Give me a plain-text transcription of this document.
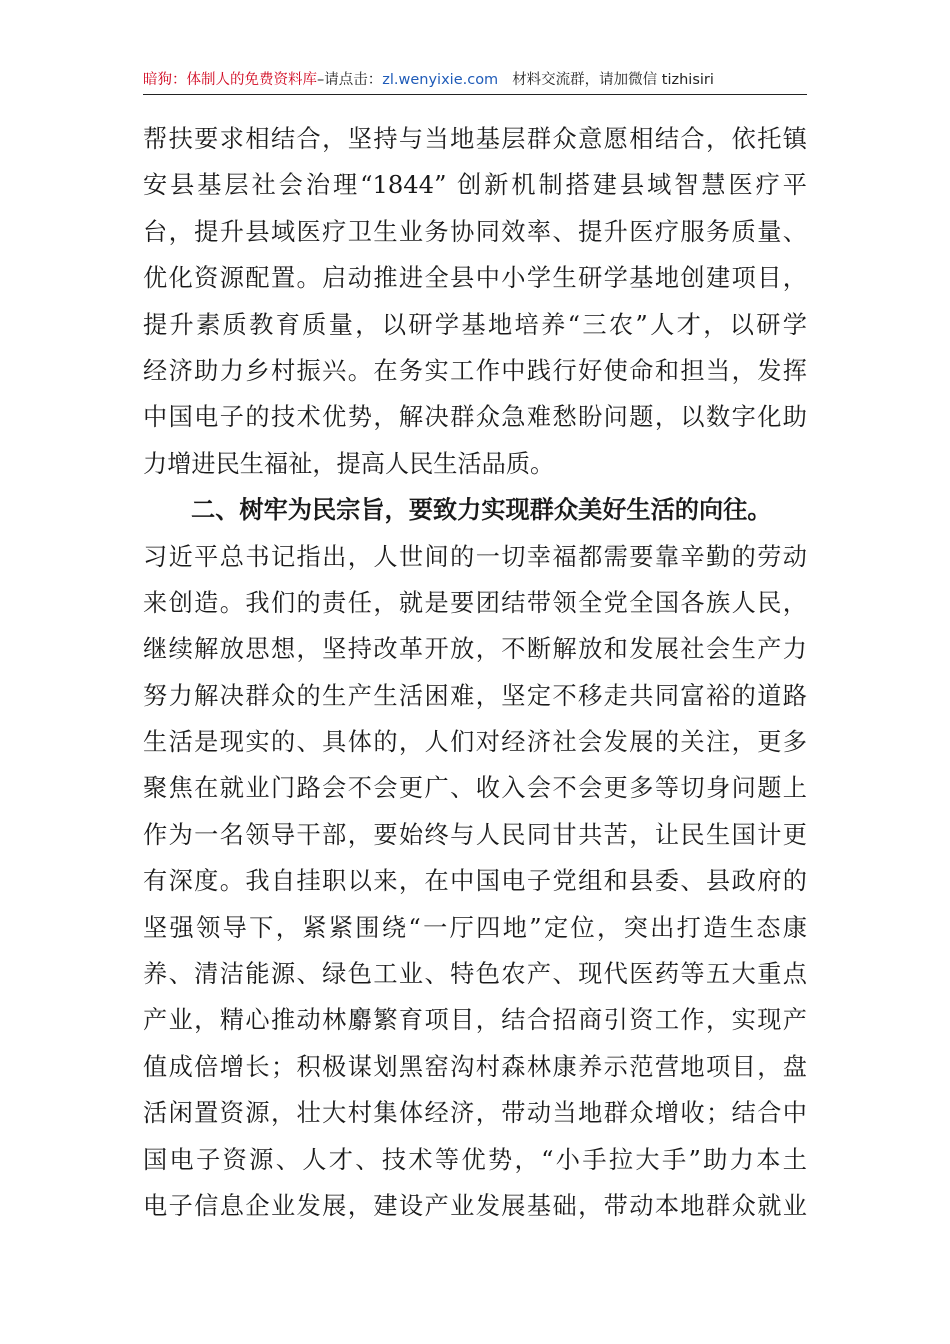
暗狗：体制人的免费资料库–请点击：zl.wenyixie.com 材料交流群，请加微信 tizhisiri
帮扶要求相结合，坚持与当地基层群众意愿相结合，依托镇
安县基层社会治理“1844” 创新机制搭建县域智慧医疗平
台，提升县域医疗卫生业务协同效率、提升医疗服务质量、
优化资源配置。启动推进全县中小学生研学基地创建项目，
提升素质教育质量，以研学基地培养“三农”人才，以研学
经济助力乡村振兴。在务实工作中践行好使命和担当，发挥
中国电子的技术优势，解决群众急难愁盼问题，以数字化助
力增进民生福祉，提高人民生活品质。
二、树牢为民宗旨，要致力实现群众美好生活的向往。
习近平总书记指出，人世间的一切幸福都需要靠辛勤的劳动
来创造。我们的责任，就是要团结带领全党全国各族人民，
继续解放思想，坚持改革开放，不断解放和发展社会生产力
努力解决群众的生产生活困难，坚定不移走共同富裕的道路
生活是现实的、具体的，人们对经济社会发展的关注，更多
聚焦在就业门路会不会更广、收入会不会更多等切身问题上
作为一名领导干部，要始终与人民同甘共苦，让民生国计更
有深度。我自挂职以来，在中国电子党组和县委、县政府的
坚强领导下，紧紧围绕“一厅四地”定位，突出打造生态康
养、清洁能源、绿色工业、特色农产、现代医药等五大重点
产业，精心推动林麝繁育项目，结合招商引资工作，实现产
值成倍增长；积极谋划黑窑沟村森林康养示范营地项目，盘
活闲置资源，壮大村集体经济，带动当地群众增收；结合中
国电子资源、人才、技术等优势，“小手拉大手”助力本土
电子信息企业发展，建设产业发展基础，带动本地群众就业
